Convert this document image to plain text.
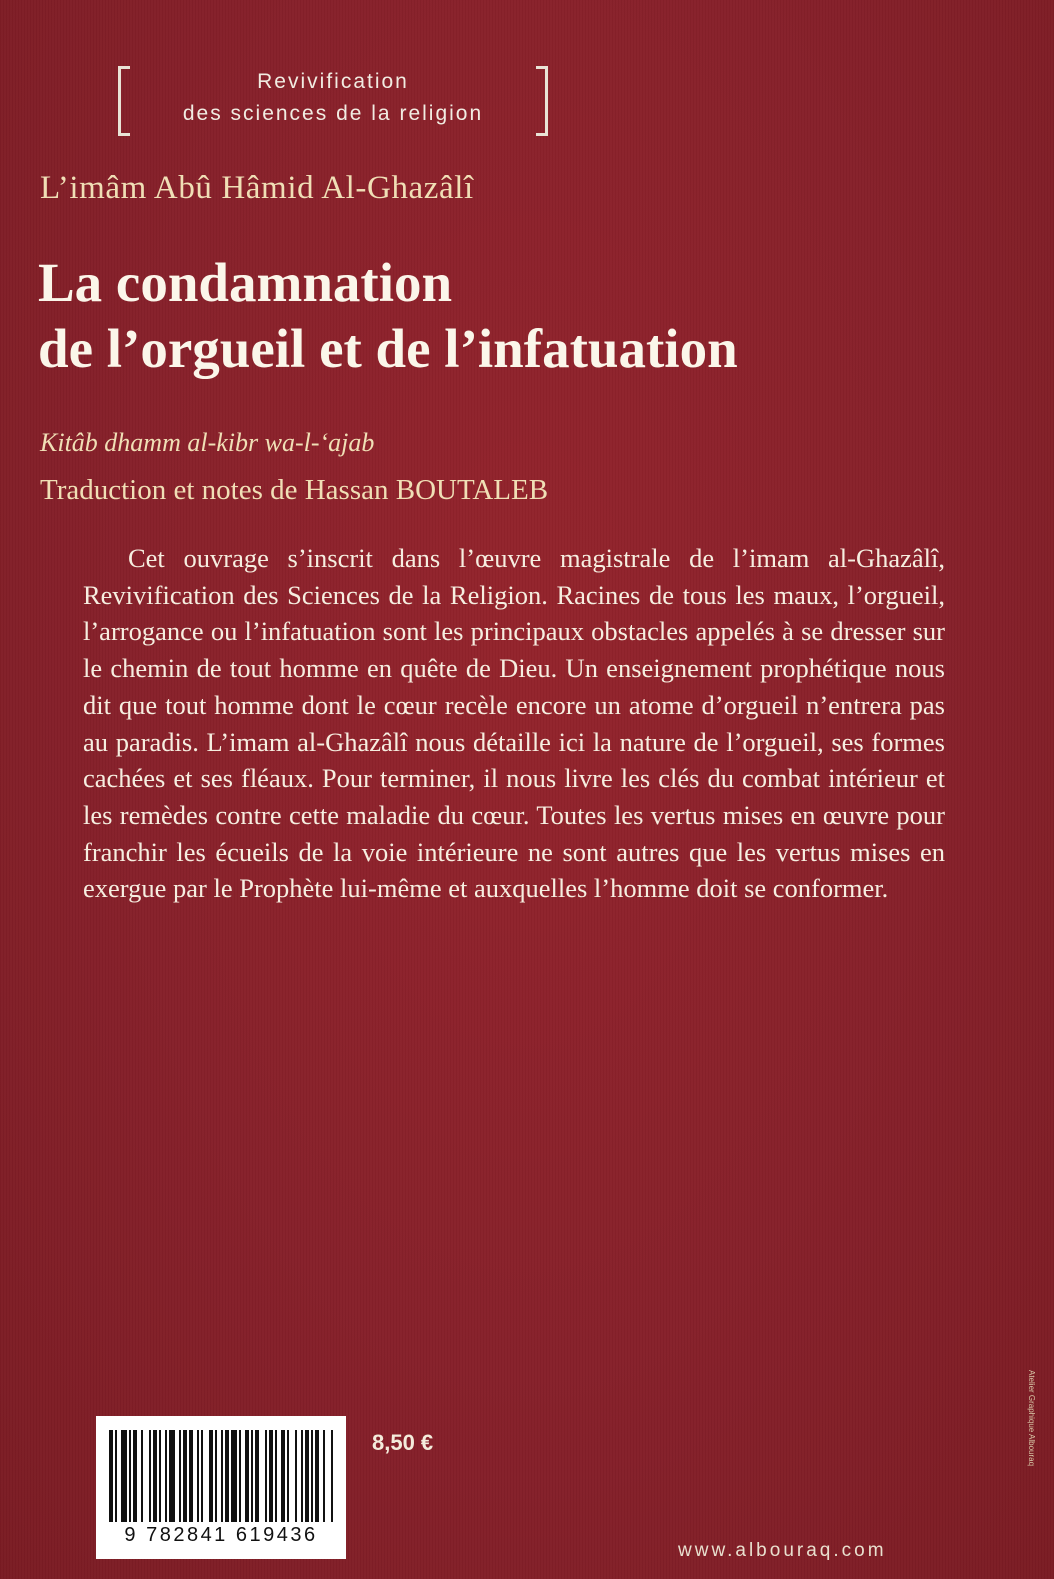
Revivification
des sciences de la religion
L’imâm Abû Hâmid Al-Ghazâlî
La condamnation
de l’orgueil et de l’infatuation
Kitâb dhamm al-kibr wa-l-‘ajab
Traduction et notes de Hassan BOUTALEB
Cet ouvrage s’inscrit dans l’œuvre magistrale de l’imam al-Ghazâlî, Revivification des Sciences de la Religion. Racines de tous les maux, l’orgueil, l’arrogance ou l’infatuation sont les principaux obstacles appelés à se dresser sur le chemin de tout homme en quête de Dieu. Un enseignement prophétique nous dit que tout homme dont le cœur recèle encore un atome d’orgueil n’entrera pas au paradis. L’imam al-Ghazâlî nous détaille ici la nature de l’orgueil, ses formes cachées et ses fléaux. Pour terminer, il nous livre les clés du combat intérieur et les remèdes contre cette maladie du cœur. Toutes les vertus mises en œuvre pour franchir les écueils de la voie intérieure ne sont autres que les vertus mises en exergue par le Prophète lui-même et auxquelles l’homme doit se conformer.
9 782841 619436
8,50 €
www.albouraq.com
Atelier Graphique Albouraq
